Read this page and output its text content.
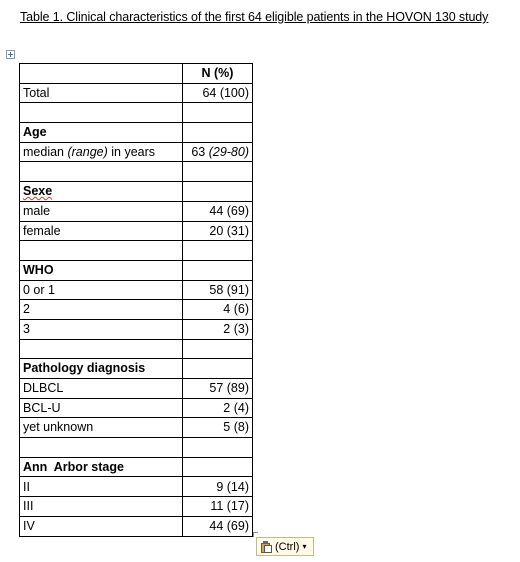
Table 1. Clinical characteristics of the first 64 eligible patients in the HOVON 130 study
	N (%)
Total	64 (100)

Age	
median (range) in years	63 (29-80)

Sexe	
male	44 (69)
female	20 (31)

WHO	
0 or 1	58 (91)
2	4 (6)
3	2 (3)

Pathology diagnosis	
DLBCL	57 (89)
BCL-U	2 (4)
yet unknown	5 (8)

Ann  Arbor stage	
II	9 (14)
III	11 (17)
IV	44 (69)
(Ctrl) ▾
